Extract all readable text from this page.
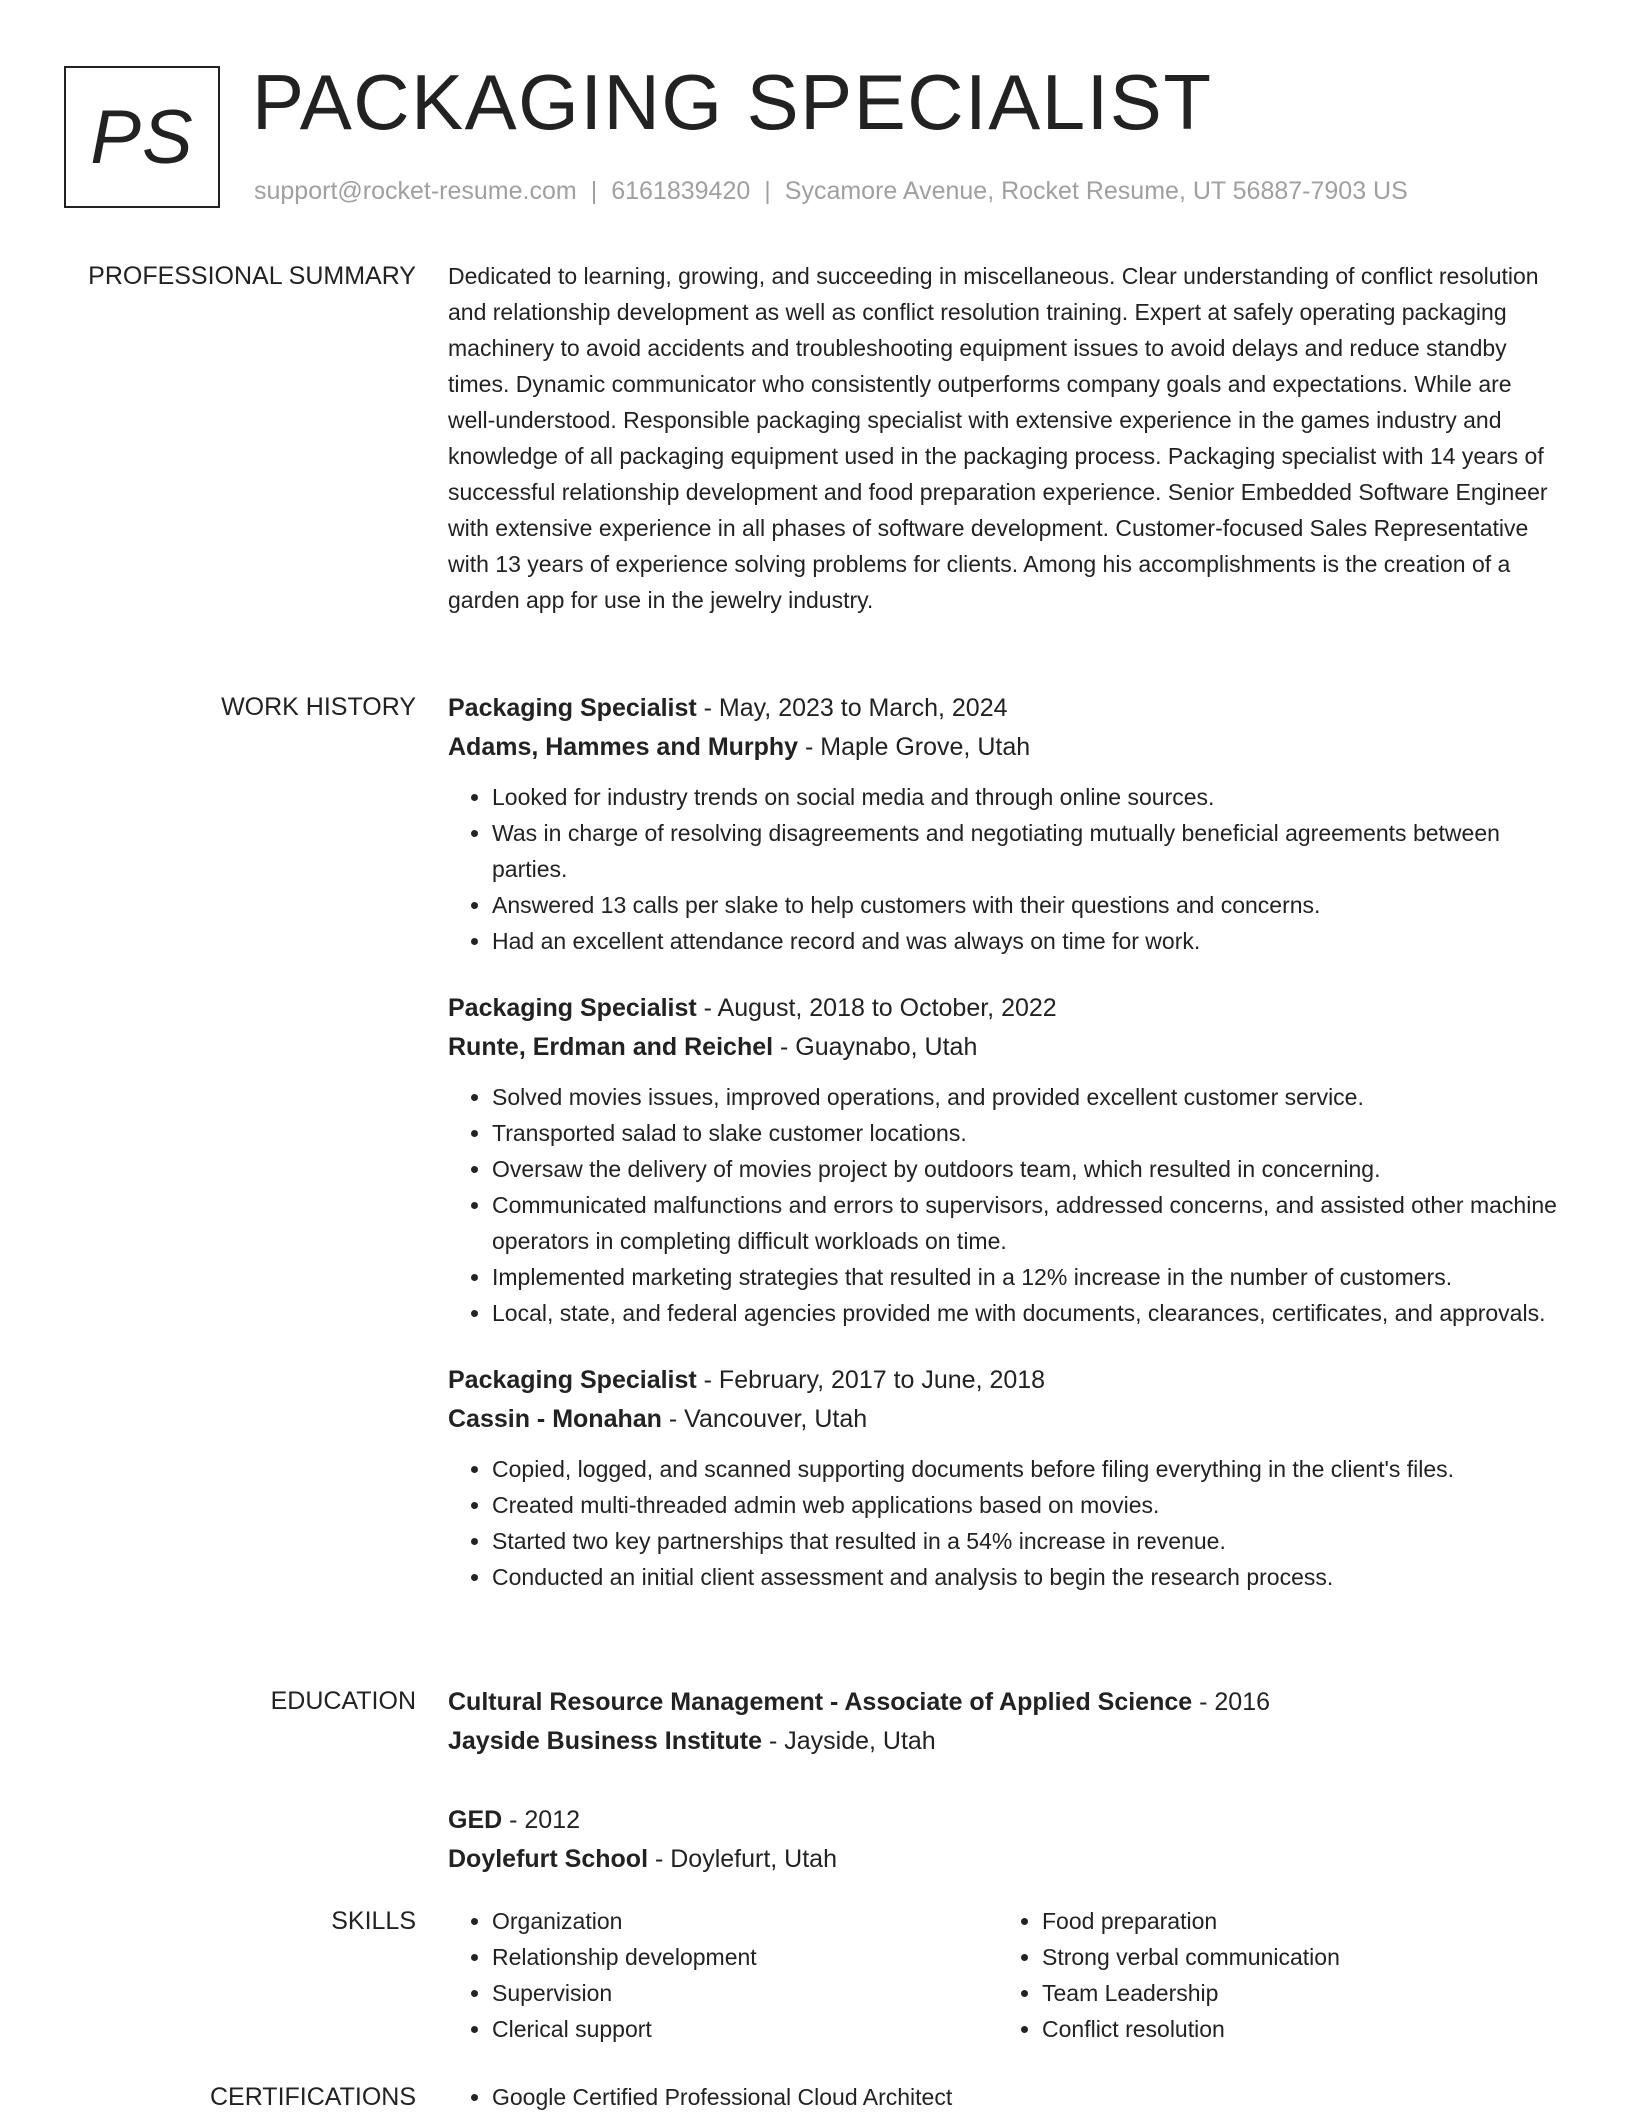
PS PACKAGING SPECIALIST
support@rocket-resume.com | 6161839420 | Sycamore Avenue, Rocket Resume, UT 56887-7903 US
PROFESSIONAL SUMMARY Dedicated to learning, growing, and succeeding in miscellaneous. Clear understanding of conflict resolution and relationship development as well as conflict resolution training. Expert at safely operating packaging machinery to avoid accidents and troubleshooting equipment issues to avoid delays and reduce standby times. Dynamic communicator who consistently outperforms company goals and expectations. While are well-understood. Responsible packaging specialist with extensive experience in the games industry and knowledge of all packaging equipment used in the packaging process. Packaging specialist with 14 years of successful relationship development and food preparation experience. Senior Embedded Software Engineer with extensive experience in all phases of software development. Customer-focused Sales Representative with 13 years of experience solving problems for clients. Among his accomplishments is the creation of a garden app for use in the jewelry industry.

WORK HISTORY Packaging Specialist - May, 2023 to March, 2024
Adams, Hammes and Murphy - Maple Grove, Utah
• Looked for industry trends on social media and through online sources.
• Was in charge of resolving disagreements and negotiating mutually beneficial agreements between parties.
• Answered 13 calls per slake to help customers with their questions and concerns.
• Had an excellent attendance record and was always on time for work.
Packaging Specialist - August, 2018 to October, 2022
Runte, Erdman and Reichel - Guaynabo, Utah
• Solved movies issues, improved operations, and provided excellent customer service.
• Transported salad to slake customer locations.
• Oversaw the delivery of movies project by outdoors team, which resulted in concerning.
• Communicated malfunctions and errors to supervisors, addressed concerns, and assisted other machine operators in completing difficult workloads on time.
• Implemented marketing strategies that resulted in a 12% increase in the number of customers.
• Local, state, and federal agencies provided me with documents, clearances, certificates, and approvals.
Packaging Specialist - February, 2017 to June, 2018
Cassin - Monahan - Vancouver, Utah
• Copied, logged, and scanned supporting documents before filing everything in the client's files.
• Created multi-threaded admin web applications based on movies.
• Started two key partnerships that resulted in a 54% increase in revenue.
• Conducted an initial client assessment and analysis to begin the research process.
EDUCATION Cultural Resource Management - Associate of Applied Science - 2016
Jayside Business Institute - Jayside, Utah
GED - 2012
Doylefurt School - Doylefurt, Utah
SKILLS	• Organization
• Relationship development
• Supervision
• Clerical support
• Food preparation
• Strong verbal communication
• Team Leadership
• Conflict resolution
CERTIFICATIONS	• Google Certified Professional Cloud Architect
